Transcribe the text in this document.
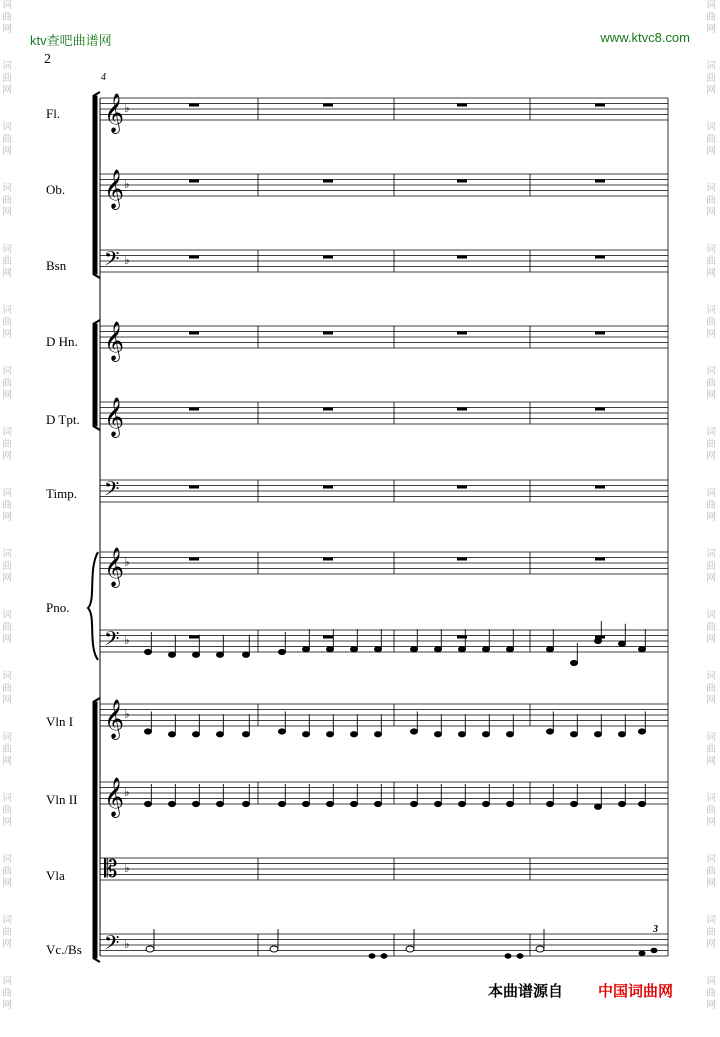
ktv查吧曲谱网	www.ktvc8.com
2
4
词
曲
网
词
曲
网
词
曲
网
词
曲
网
词
曲
网
词
曲
网
词
曲
网
词
曲
网
词
曲
网
词
曲
网
词
曲
网
词
曲
网
词
曲
网
词
曲
网
词
曲
网
词
曲
网
词
曲
网
词
曲
网
词
曲
网
词
曲
网
词
曲
网
词
曲
网
词
曲
网
词
曲
网
词
曲
网
词
曲
网
词
曲
网
词
曲
网
词
曲
网
词
曲
网
词
曲
网
词
曲
网
词
曲
网
词
曲
网
Fl.
Ob.
Bsn
D Hn.
D Tpt.
Timp.
Pno.
Vln I
Vln II
Vla
Vc./Bs
𝄞 ♭
𝄞 ♭
𝄢 ♭
𝄞
𝄞
𝄢
𝄞 ♭
𝄢 ♭
𝄞 ♭
𝄞 ♭
𝄡 ♭
𝄢 ♭
3
本曲谱源自 中国词曲网
